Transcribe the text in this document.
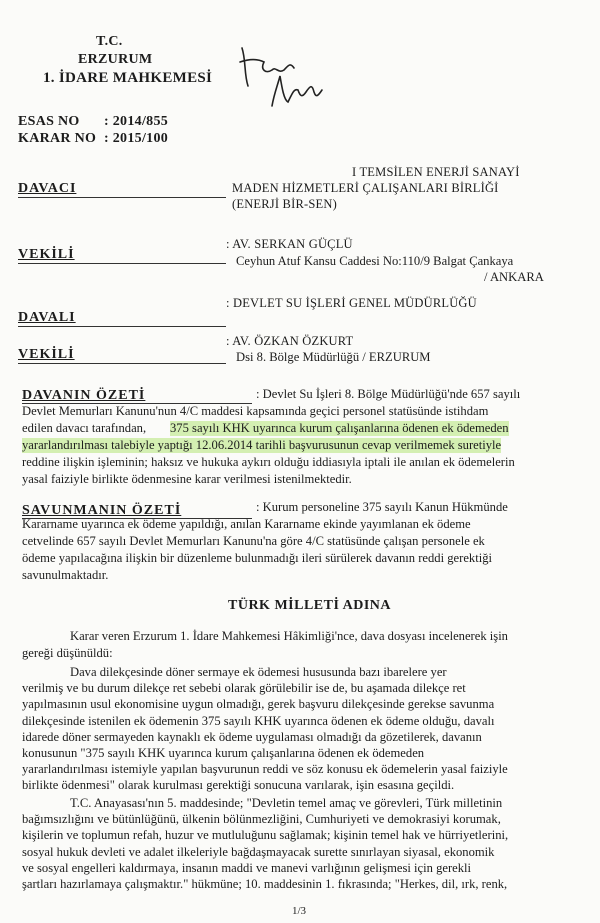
T.C.
ERZURUM
1. İDARE MAHKEMESİ
ESAS NO : 2014/855
KARAR NO : 2015/100
DAVACI
I TEMSİLEN ENERJİ SANAYİ
MADEN HİZMETLERİ ÇALIŞANLARI BİRLİĞİ
(ENERJİ BİR-SEN)
VEKİLİ
: AV. SERKAN GÜÇLÜ
Ceyhun Atuf Kansu Caddesi No:110/9 Balgat Çankaya
/ ANKARA
DAVALI
: DEVLET SU İŞLERİ GENEL MÜDÜRLÜĞÜ
VEKİLİ
: AV. ÖZKAN ÖZKURT
Dsi 8. Bölge Müdürlüğü / ERZURUM
DAVANIN ÖZETİ	: Devlet Su İşleri 8. Bölge Müdürlüğü'nde 657 sayılı
Devlet Memurları Kanunu'nun 4/C maddesi kapsamında geçici personel statüsünde istihdam
edilen davacı tarafından, 375 sayılı KHK uyarınca kurum çalışanlarına ödenen ek ödemeden
yararlandırılması talebiyle yaptığı 12.06.2014 tarihli başvurusunun cevap verilmemek suretiyle
reddine ilişkin işleminin; haksız ve hukuka aykırı olduğu iddiasıyla iptali ile anılan ek ödemelerin
yasal faiziyle birlikte ödenmesine karar verilmesi istenilmektedir.
SAVUNMANIN ÖZETİ	: Kurum personeline 375 sayılı Kanun Hükmünde
Kararname uyarınca ek ödeme yapıldığı, anılan Kararname ekinde yayımlanan ek ödeme
cetvelinde 657 sayılı Devlet Memurları Kanunu'na göre 4/C statüsünde çalışan personele ek
ödeme yapılacağına ilişkin bir düzenleme bulunmadığı ileri sürülerek davanın reddi gerektiği
savunulmaktadır.
TÜRK MİLLETİ ADINA
Karar veren Erzurum 1. İdare Mahkemesi Hâkimliği'nce, dava dosyası incelenerek işin
gereği düşünüldü:
Dava dilekçesinde döner sermaye ek ödemesi hususunda bazı ibarelere yer
verilmiş ve bu durum dilekçe ret sebebi olarak görülebilir ise de, bu aşamada dilekçe ret
yapılmasının usul ekonomisine uygun olmadığı, gerek başvuru dilekçesinde gerekse savunma
dilekçesinde istenilen ek ödemenin 375 sayılı KHK uyarınca ödenen ek ödeme olduğu, davalı
idarede döner sermayeden kaynaklı ek ödeme uygulaması olmadığı da gözetilerek, davanın
konusunun "375 sayılı KHK uyarınca kurum çalışanlarına ödenen ek ödemeden
yararlandırılması istemiyle yapılan başvurunun reddi ve söz konusu ek ödemelerin yasal faiziyle
birlikte ödenmesi" olarak kurulması gerektiği sonucuna varılarak, işin esasına geçildi.
T.C. Anayasası'nın 5. maddesinde; "Devletin temel amaç ve görevleri, Türk milletinin
bağımsızlığını ve bütünlüğünü, ülkenin bölünmezliğini, Cumhuriyeti ve demokrasiyi korumak,
kişilerin ve toplumun refah, huzur ve mutluluğunu sağlamak; kişinin temel hak ve hürriyetlerini,
sosyal hukuk devleti ve adalet ilkeleriyle bağdaşmayacak surette sınırlayan siyasal, ekonomik
ve sosyal engelleri kaldırmaya, insanın maddi ve manevi varlığının gelişmesi için gerekli
şartları hazırlamaya çalışmaktır." hükmüne; 10. maddesinin 1. fıkrasında; "Herkes, dil, ırk, renk,
1/3
